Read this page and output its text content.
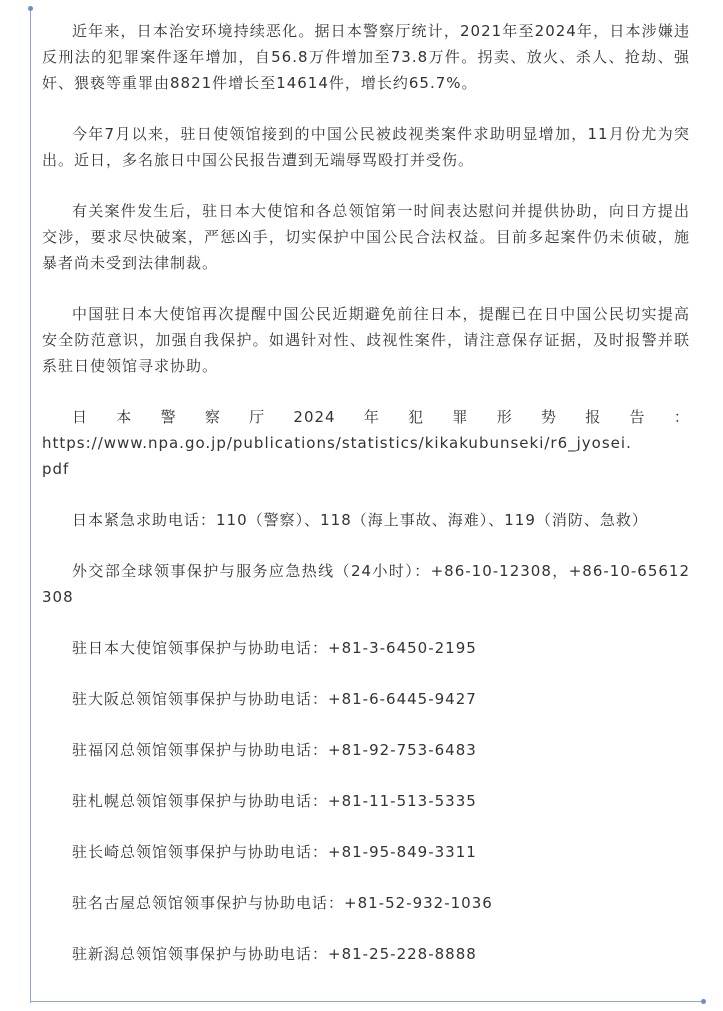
近年来，日本治安环境持续恶化。据日本警察厅统计，2021年至2024年，日本涉嫌违反刑法的犯罪案件逐年增加，自56.8万件增加至73.8万件。拐卖、放火、杀人、抢劫、强奸、猥亵等重罪由8821件增长至14614件，增长约65.7%。

今年7月以来，驻日使领馆接到的中国公民被歧视类案件求助明显增加，11月份尤为突出。近日，多名旅日中国公民报告遭到无端辱骂殴打并受伤。

有关案件发生后，驻日本大使馆和各总领馆第一时间表达慰问并提供协助，向日方提出交涉，要求尽快破案，严惩凶手，切实保护中国公民合法权益。目前多起案件仍未侦破，施暴者尚未受到法律制裁。

中国驻日本大使馆再次提醒中国公民近期避免前往日本，提醒已在日中国公民切实提高安全防范意识，加强自我保护。如遇针对性、歧视性案件，请注意保存证据，及时报警并联系驻日使领馆寻求协助。

日 本 警 察 厅 2024 年 犯 罪 形 势 报 告 ：
https://www.npa.go.jp/publications/statistics/kikakubunseki/r6_jyosei.
pdf

日本紧急求助电话：110（警察）、118（海上事故、海难）、119（消防、急救）

外交部全球领事保护与服务应急热线（24小时）：+86-10-12308，+86-10-65612308

驻日本大使馆领事保护与协助电话：+81-3-6450-2195

驻大阪总领馆领事保护与协助电话：+81-6-6445-9427

驻福冈总领馆领事保护与协助电话：+81-92-753-6483

驻札幌总领馆领事保护与协助电话：+81-11-513-5335

驻长崎总领馆领事保护与协助电话：+81-95-849-3311

驻名古屋总领馆领事保护与协助电话：+81-52-932-1036

驻新潟总领馆领事保护与协助电话：+81-25-228-8888
